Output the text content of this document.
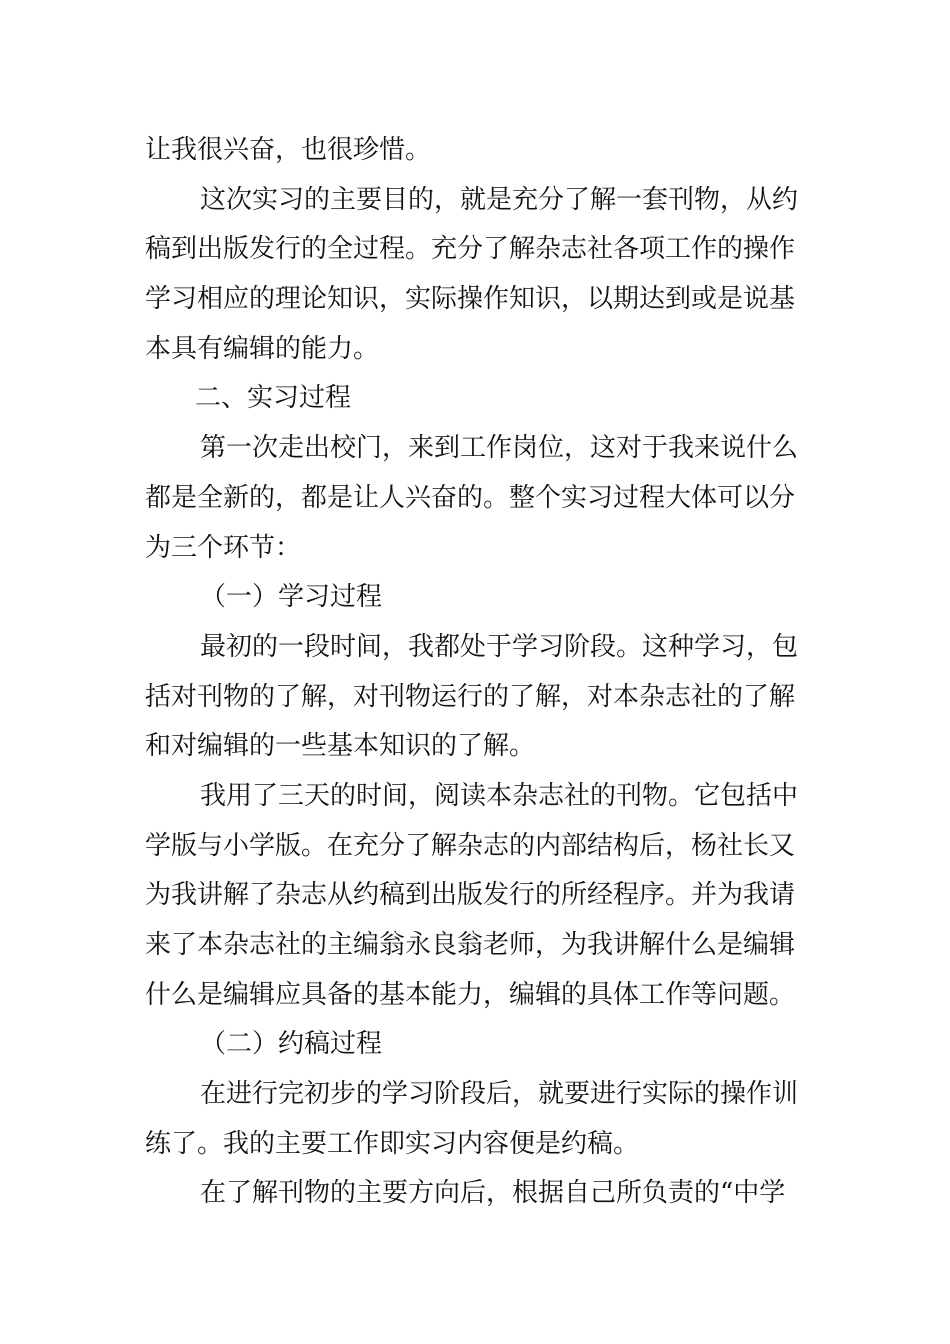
让我很兴奋，也很珍惜。
这次实习的主要目的，就是充分了解一套刊物，从约
稿到出版发行的全过程。充分了解杂志社各项工作的操作
学习相应的理论知识，实际操作知识，以期达到或是说基
本具有编辑的能力。
二、实习过程
第一次走出校门，来到工作岗位，这对于我来说什么
都是全新的，都是让人兴奋的。整个实习过程大体可以分
为三个环节：
（一）学习过程
最初的一段时间，我都处于学习阶段。这种学习，包
括对刊物的了解，对刊物运行的了解，对本杂志社的了解
和对编辑的一些基本知识的了解。
我用了三天的时间，阅读本杂志社的刊物。它包括中
学版与小学版。在充分了解杂志的内部结构后，杨社长又
为我讲解了杂志从约稿到出版发行的所经程序。并为我请
来了本杂志社的主编翁永良翁老师，为我讲解什么是编辑
什么是编辑应具备的基本能力，编辑的具体工作等问题。
（二）约稿过程
在进行完初步的学习阶段后，就要进行实际的操作训
练了。我的主要工作即实习内容便是约稿。
在了解刊物的主要方向后，根据自己所负责的“中学
